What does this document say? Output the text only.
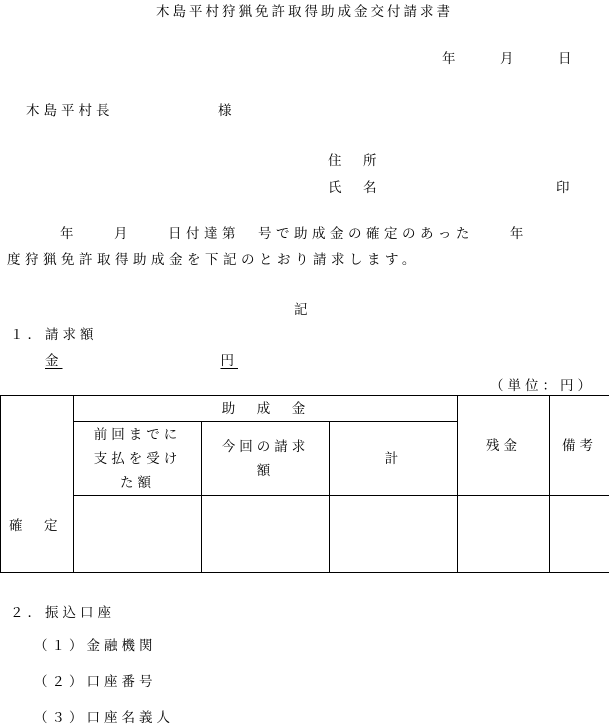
木島平村狩猟免許取得助成金交付請求書
年	月	日
木島平村長	様
住　所
氏　名	印
年　　月　　日付達第　号で助成金の確定のあった　　年
度狩猟免許取得助成金を下記のとおり請求します。
記
１．請求額
金	円
（単位：円）
確　定	助　成　金			残金	備考
	前回までに支払を受けた額	今回の請求額	計		

２．振込口座
（１）金融機関
（２）口座番号
（３）口座名義人
